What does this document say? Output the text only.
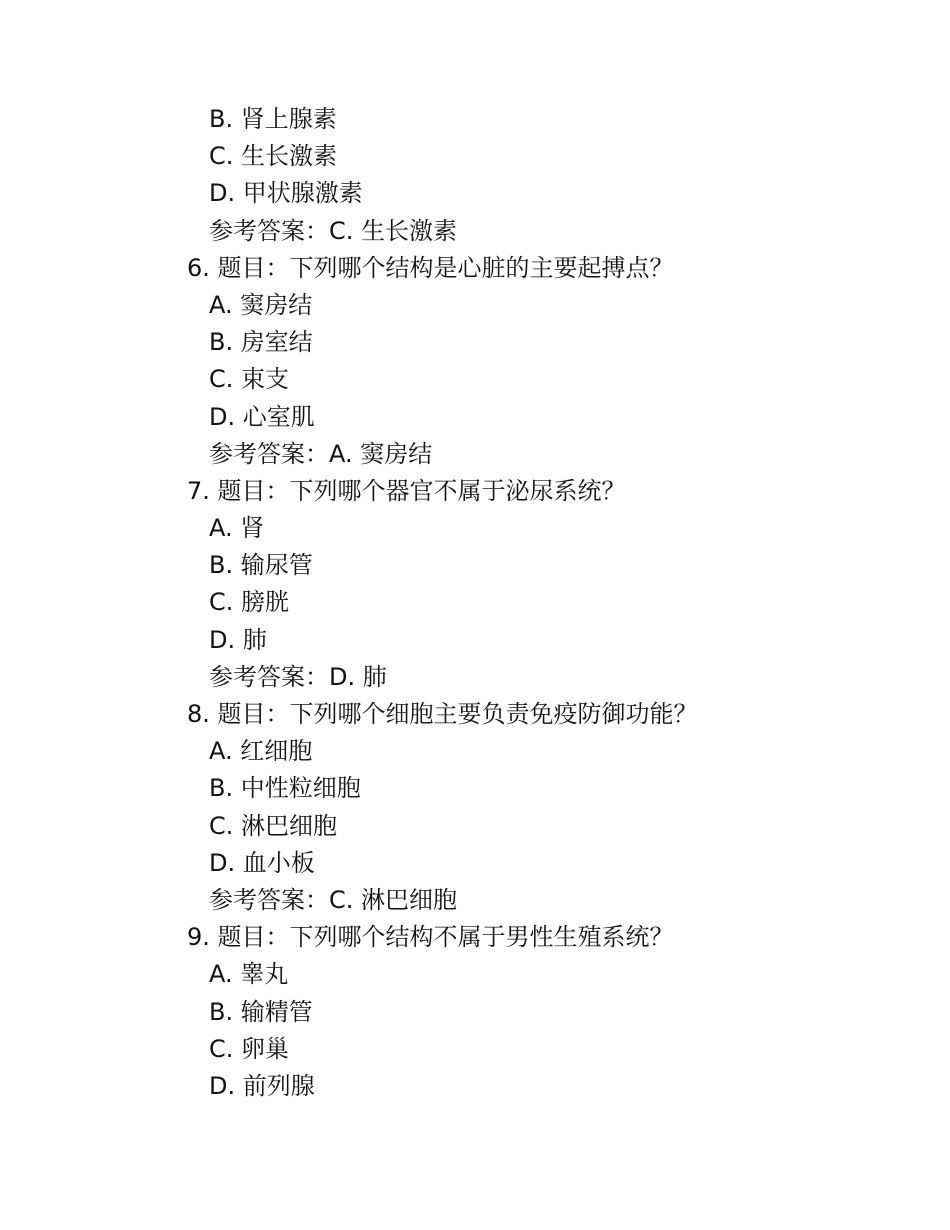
B. 肾上腺素
C. 生长激素
D. 甲状腺激素
参考答案：C. 生长激素
6. 题目：下列哪个结构是心脏的主要起搏点？
A. 窦房结
B. 房室结
C. 束支
D. 心室肌
参考答案：A. 窦房结
7. 题目：下列哪个器官不属于泌尿系统？
A. 肾
B. 输尿管
C. 膀胱
D. 肺
参考答案：D. 肺
8. 题目：下列哪个细胞主要负责免疫防御功能？
A. 红细胞
B. 中性粒细胞
C. 淋巴细胞
D. 血小板
参考答案：C. 淋巴细胞
9. 题目：下列哪个结构不属于男性生殖系统？
A. 睾丸
B. 输精管
C. 卵巢
D. 前列腺
